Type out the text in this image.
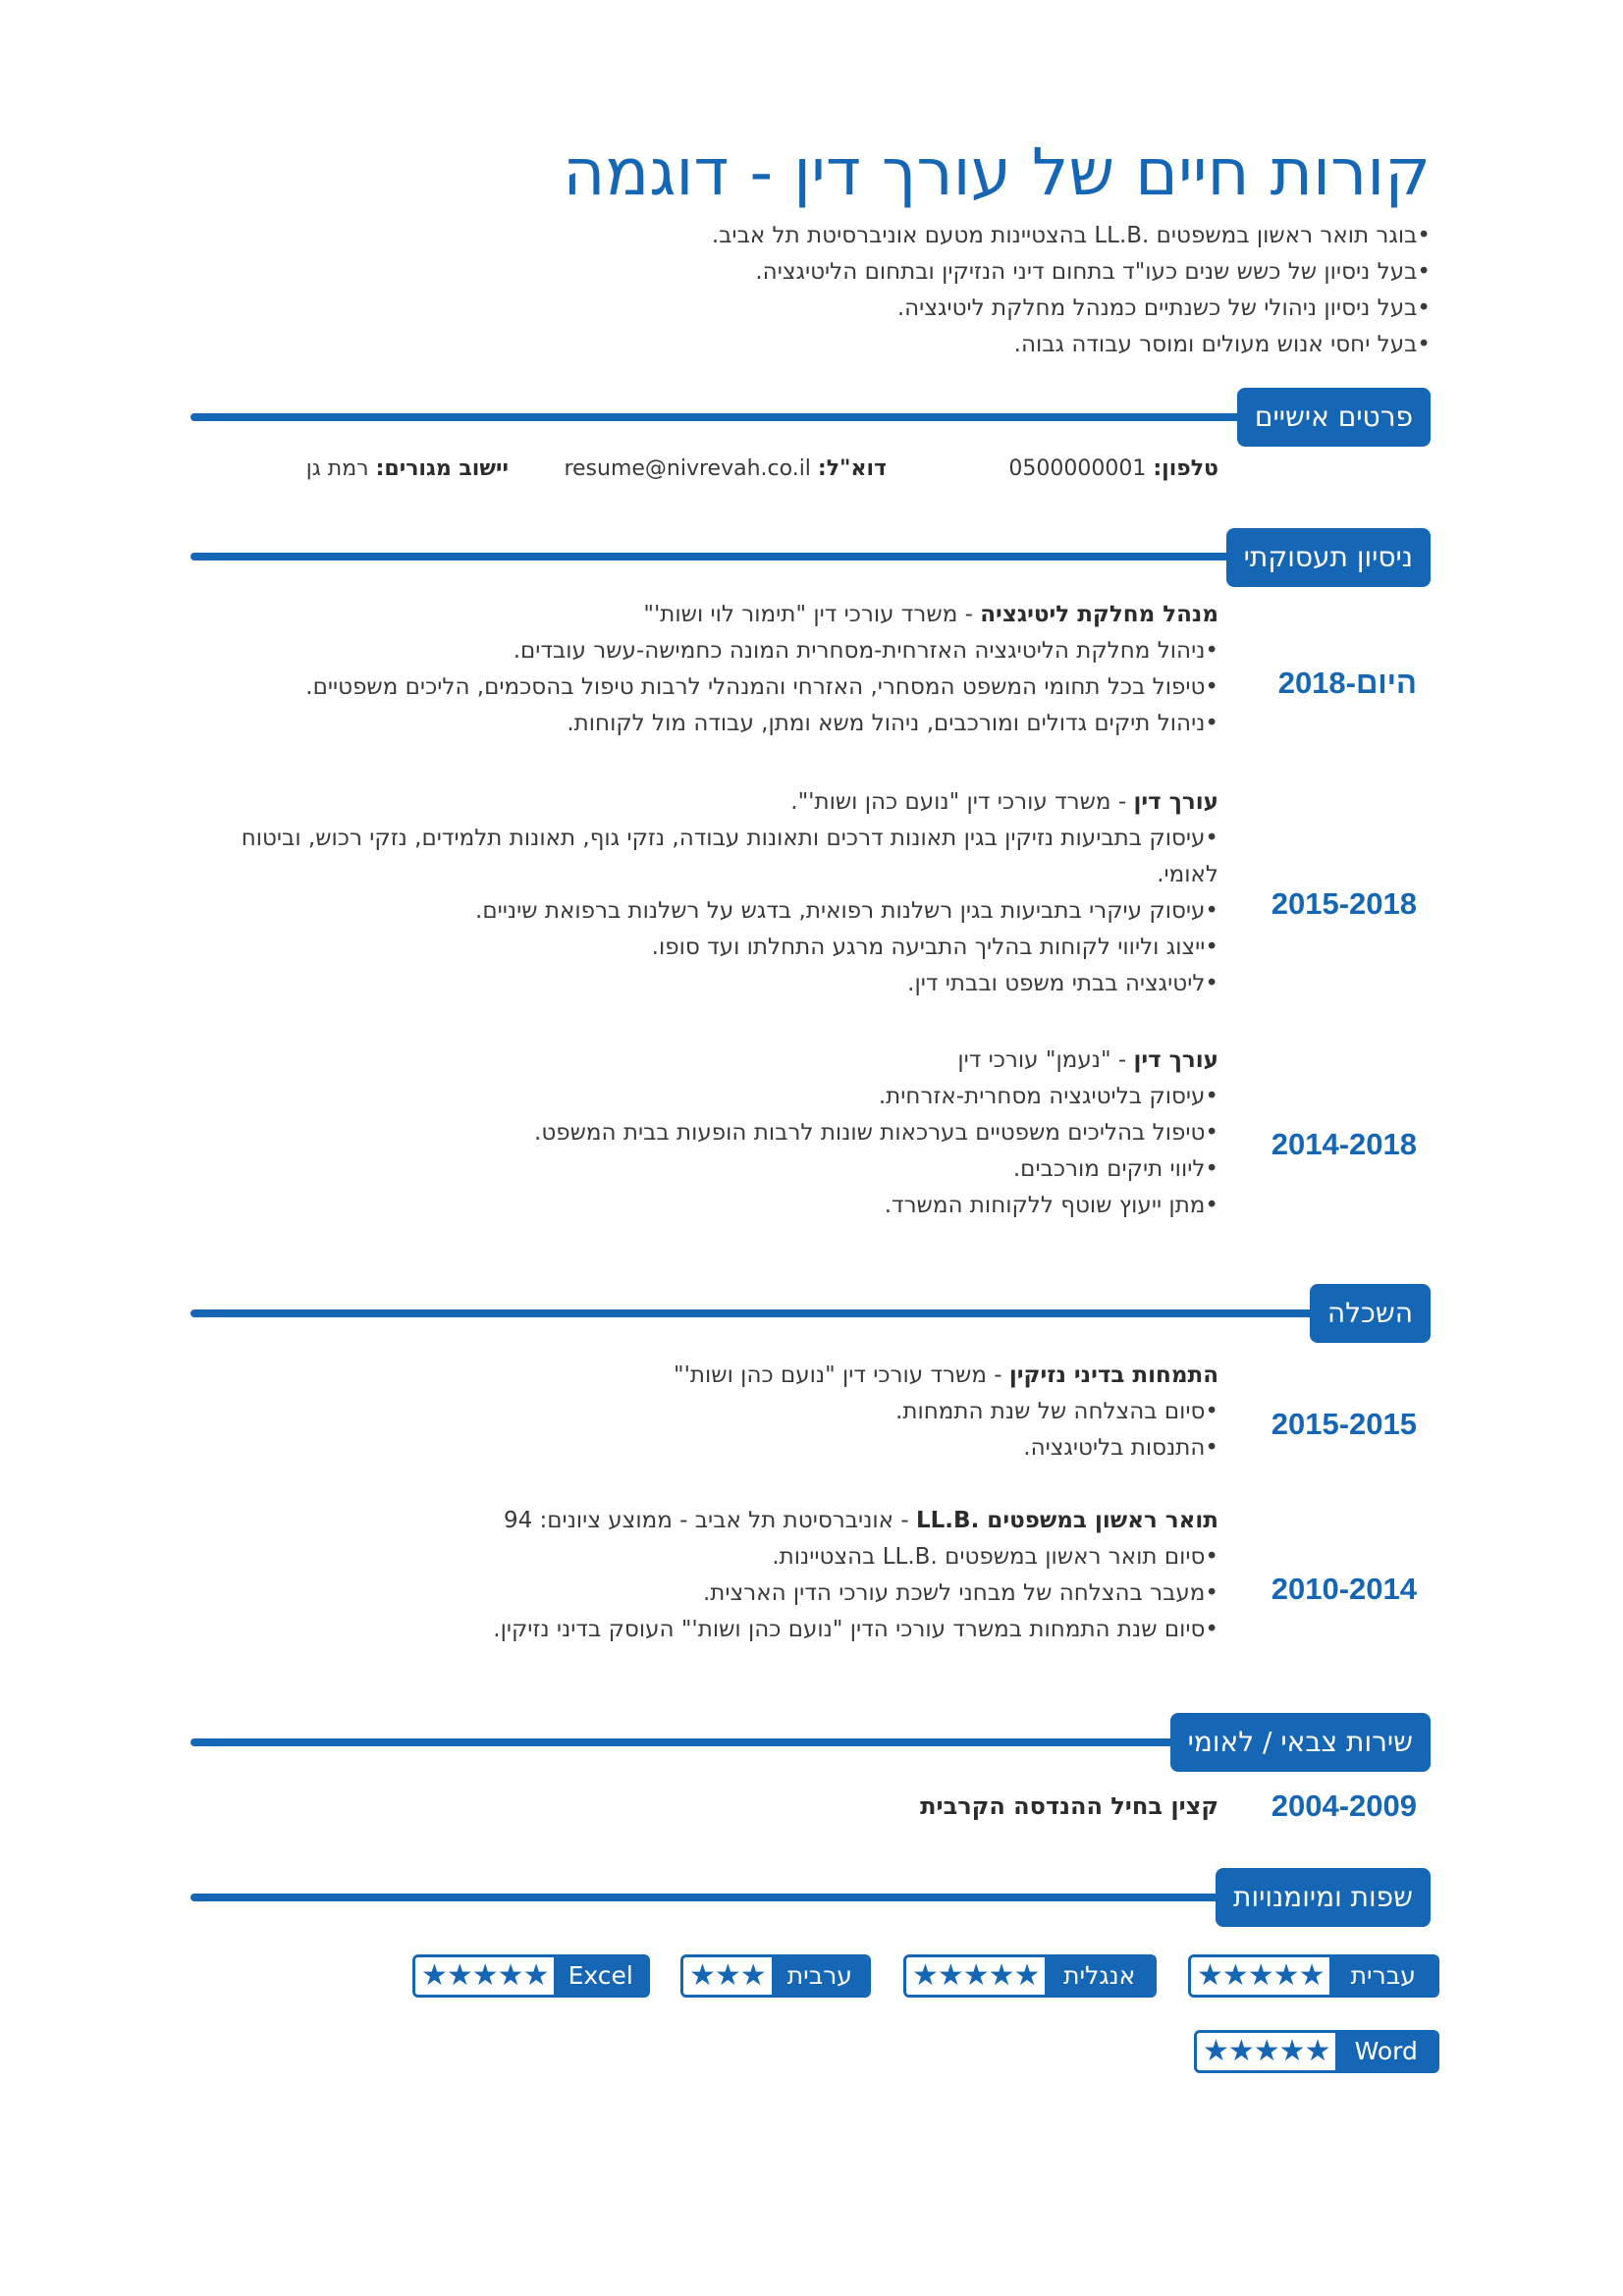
קורות חיים של עורך דין - דוגמה
•בוגר תואר ראשון במשפטים .LL.B בהצטיינות מטעם אוניברסיטת תל אביב.
•בעל ניסיון של כשש שנים כעו"ד בתחום דיני הנזיקין ובתחום הליטיגציה.
•בעל ניסיון ניהולי של כשנתיים כמנהל מחלקת ליטיגציה.
•בעל יחסי אנוש מעולים ומוסר עבודה גבוה.
פרטים אישיים
טלפון: 0500000001
דוא"ל: resume@nivrevah.co.il
יישוב מגורים: רמת גן
ניסיון תעסוקתי
2018-היום
מנהל מחלקת ליטיגציה - משרד עורכי דין "תימור לוי ושות'"
•ניהול מחלקת הליטיגציה האזרחית-מסחרית המונה כחמישה-עשר עובדים.
•טיפול בכל תחומי המשפט המסחרי, האזרחי והמנהלי לרבות טיפול בהסכמים, הליכים משפטיים.
•ניהול תיקים גדולים ומורכבים, ניהול משא ומתן, עבודה מול לקוחות.
2015-2018
עורך דין - משרד עורכי דין "נועם כהן ושות'".
•עיסוק בתביעות נזיקין בגין תאונות דרכים ותאונות עבודה, נזקי גוף, תאונות תלמידים, נזקי רכוש, וביטוח לאומי.
•עיסוק עיקרי בתביעות בגין רשלנות רפואית, בדגש על רשלנות ברפואת שיניים.
•ייצוג וליווי לקוחות בהליך התביעה מרגע התחלתו ועד סופו.
•ליטיגציה בבתי משפט ובבתי דין.
2014-2018
עורך דין - "נעמן" עורכי דין
•עיסוק בליטיגציה מסחרית-אזרחית.
•טיפול בהליכים משפטיים בערכאות שונות לרבות הופעות בבית המשפט.
•ליווי תיקים מורכבים.
•מתן ייעוץ שוטף ללקוחות המשרד.
השכלה
2015-2015
התמחות בדיני נזיקין - משרד עורכי דין "נועם כהן ושות'"
•סיום בהצלחה של שנת התמחות.
•התנסות בליטיגציה.
2010-2014
תואר ראשון במשפטים .LL.B - אוניברסיטת תל אביב - ממוצע ציונים: 94
•סיום תואר ראשון במשפטים .LL.B בהצטיינות.
•מעבר בהצלחה של מבחני לשכת עורכי הדין הארצית.
•סיום שנת התמחות במשרד עורכי הדין "נועם כהן ושות'" העוסק בדיני נזיקין.
שירות צבאי / לאומי
2004-2009
קצין בחיל ההנדסה הקרבית
שפות ומיומנויות
★★★★★	עברית
★★★★★ אנגלית
★★★ ערבית
★★★★★ Excel
★★★★★	Word
